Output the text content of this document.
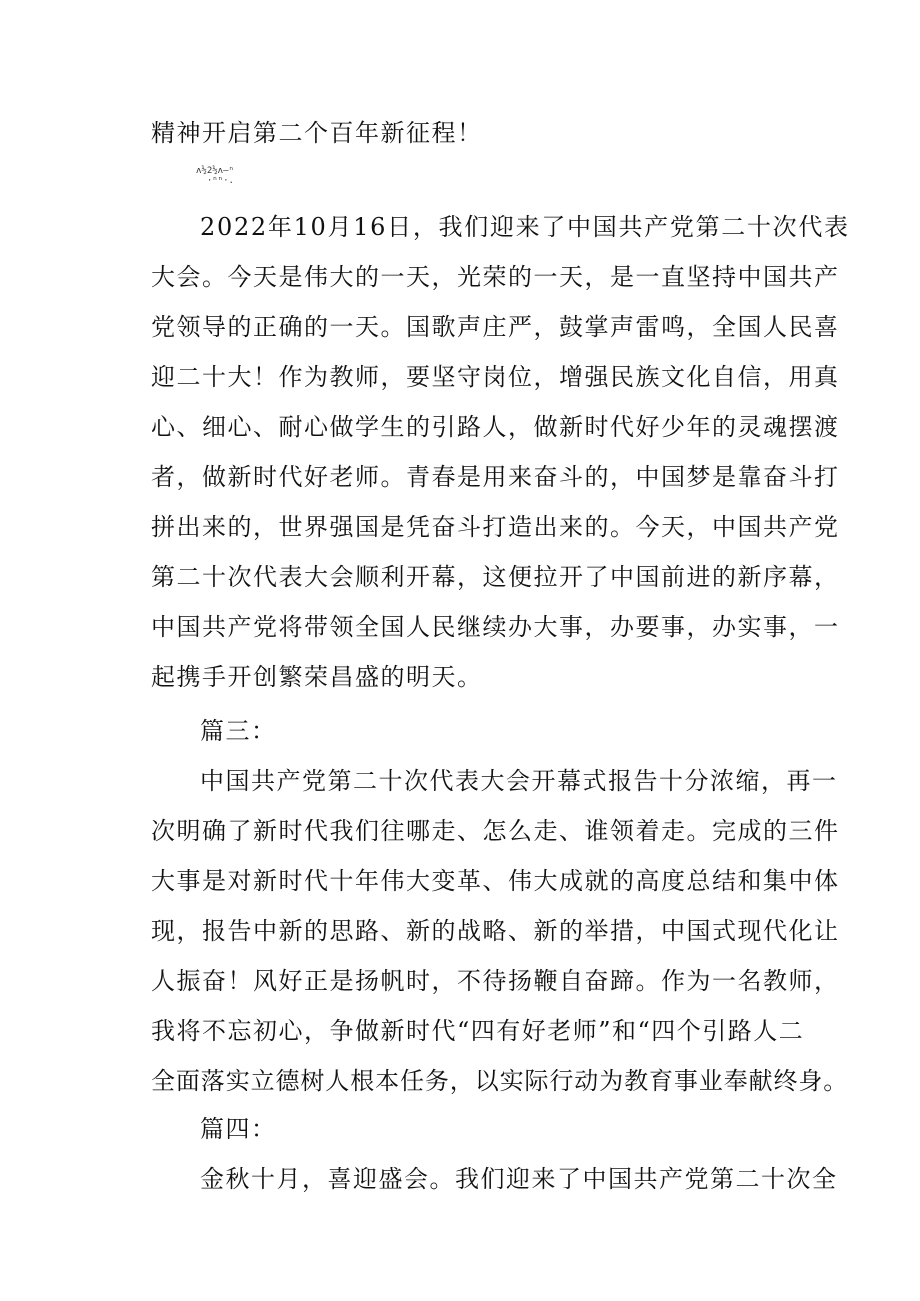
精神开启第二个百年新征程！
ʌ½2½ʌ—ⁿ
·ⁿⁿ·.
2022年10月16日，我们迎来了中国共产党第二十次代表
大会。今天是伟大的一天，光荣的一天，是一直坚持中国共产
党领导的正确的一天。国歌声庄严，鼓掌声雷鸣，全国人民喜
迎二十大！作为教师，要坚守岗位，增强民族文化自信，用真
心、细心、耐心做学生的引路人，做新时代好少年的灵魂摆渡
者，做新时代好老师。青春是用来奋斗的，中国梦是靠奋斗打
拼出来的，世界强国是凭奋斗打造出来的。今天，中国共产党
第二十次代表大会顺利开幕，这便拉开了中国前进的新序幕，
中国共产党将带领全国人民继续办大事，办要事，办实事，一
起携手开创繁荣昌盛的明天。
篇三：
中国共产党第二十次代表大会开幕式报告十分浓缩，再一
次明确了新时代我们往哪走、怎么走、谁领着走。完成的三件
大事是对新时代十年伟大变革、伟大成就的高度总结和集中体
现，报告中新的思路、新的战略、新的举措，中国式现代化让
人振奋！风好正是扬帆时，不待扬鞭自奋蹄。作为一名教师，
我将不忘初心，争做新时代“四有好老师”和“四个引路人二
全面落实立德树人根本任务，以实际行动为教育事业奉献终身。
篇四：
金秋十月，喜迎盛会。我们迎来了中国共产党第二十次全
